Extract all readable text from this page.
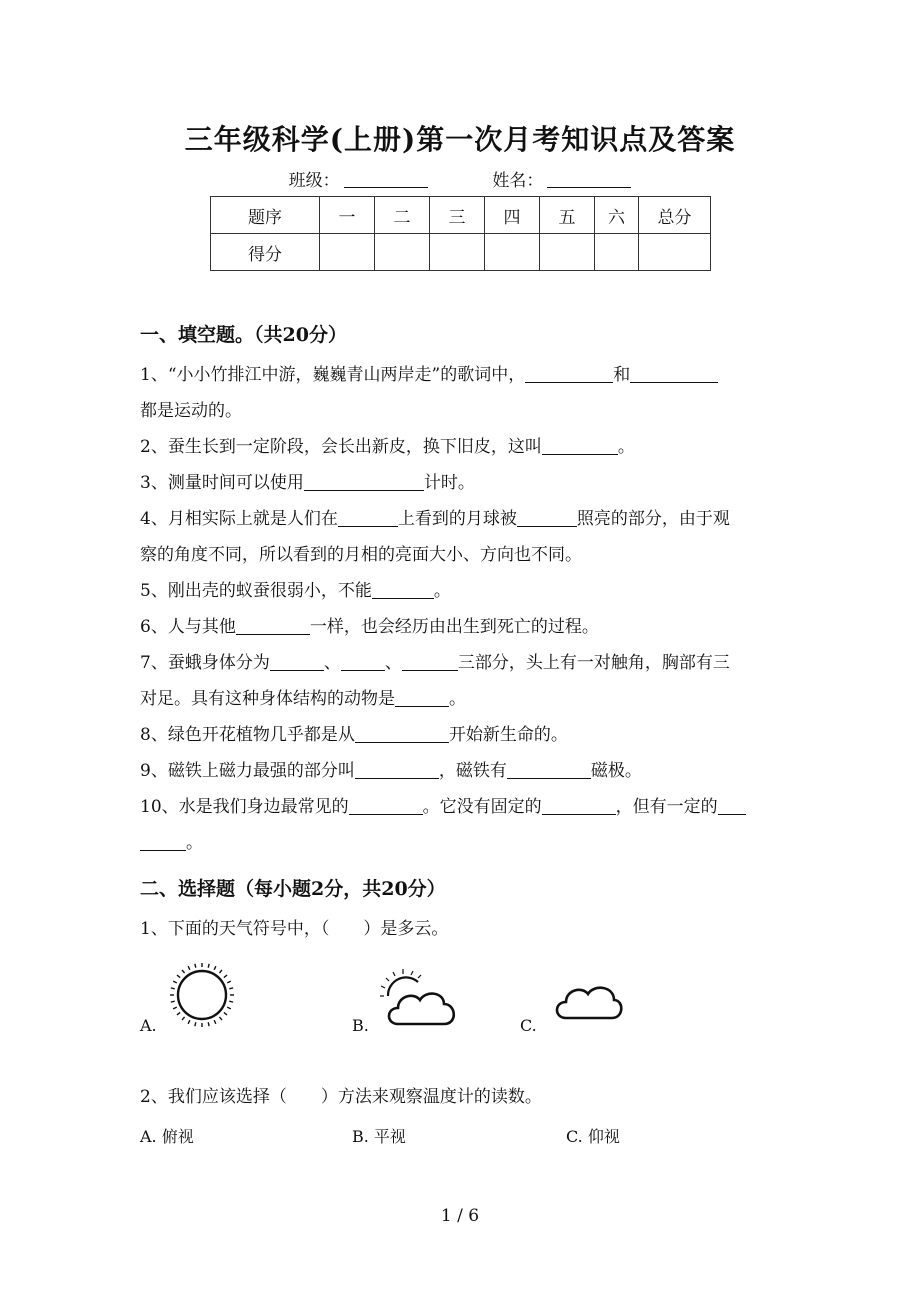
三年级科学(上册)第一次月考知识点及答案
班级：	姓名：
题序	一	二	三	四	五	六	总分
得分							
一、填空题。（共20分）
1、“小小竹排江中游，巍巍青山两岸走”的歌词中，	和
都是运动的。
2、蚕生长到一定阶段，会长出新皮，换下旧皮，这叫	。
3、测量时间可以使用	计时。
4、月相实际上就是人们在	上看到的月球被	照亮的部分，由于观
察的角度不同，所以看到的月相的亮面大小、方向也不同。
5、刚出壳的蚁蚕很弱小，不能	。
6、人与其他	一样，也会经历由出生到死亡的过程。
7、蚕蛾身体分为	、	、	三部分，头上有一对触角，胸部有三
对足。具有这种身体结构的动物是	。
8、绿色开花植物几乎都是从	开始新生命的。
9、磁铁上磁力最强的部分叫	，磁铁有	磁极。
10、水是我们身边最常见的	。它没有固定的	，但有一定的
。
二、选择题（每小题2分，共20分）
1、下面的天气符号中，（　　）是多云。
A.	B.	C.
2、我们应该选择（　　）方法来观察温度计的读数。
A. 俯视	B. 平视	C. 仰视
1 / 6
